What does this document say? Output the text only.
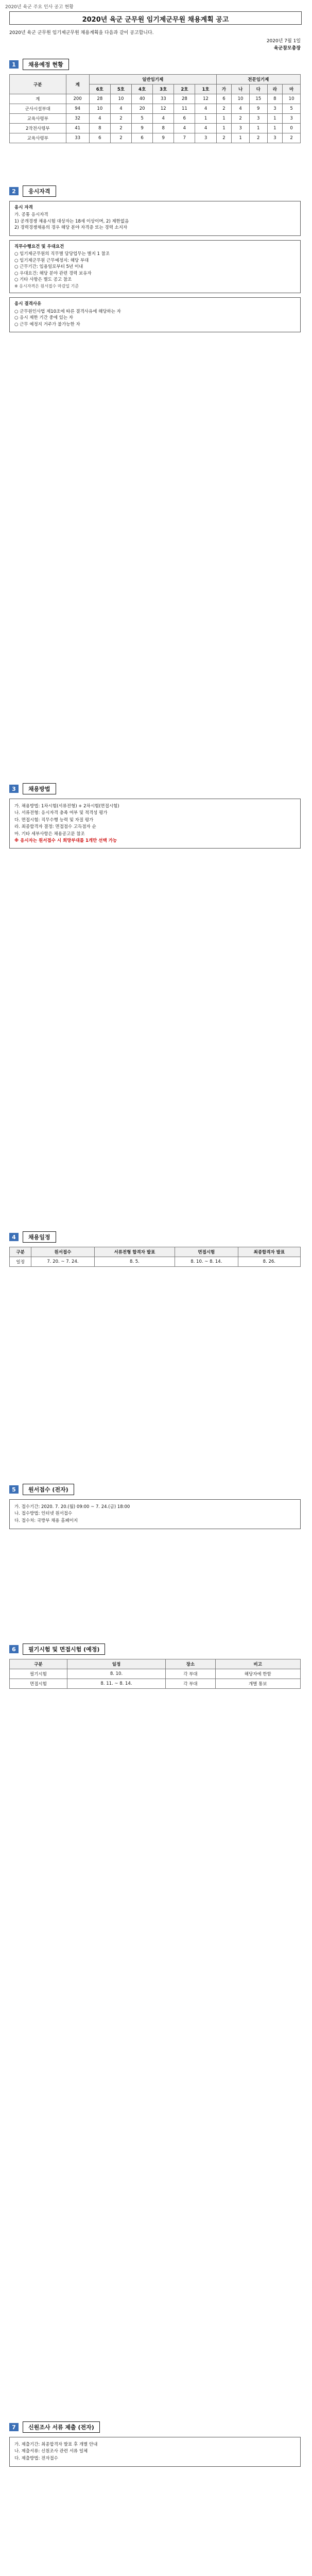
2020년 육군 주요 인사 공고 현황
2020년 육군 군무원 임기제군무원 채용계획 공고
2020년 육군 군무원 임기제군무원 채용계획을 다음과 같이 공고합니다.
2020년 7월 1일
육군참모총장
1	채용예정 현황
구분	계	일반임기제						전문임기제				
		6호	5호	4호	3호	2호	1호	가	나	다	라	마
계	200	28	10	40	33	28	12	6	10	15	8	10
군사시설부대	94	10	4	20	12	11	4	2	4	9	3	5
교육사령부	32	4	2	5	4	6	1	1	2	3	1	3
2작전사령부	41	8	2	9	8	4	4	1	3	1	1	0
교육사령부	33	6	2	6	9	7	3	2	1	2	3	2
2	응시자격
응시 자격
가. 공통 응시자격
1) 공개경쟁 채용시험 대상자는 18세 이상이며, 2) 제한없음
2) 경력경쟁채용의 경우 해당 분야 자격증 또는 경력 소지자
직무수행요건 및 우대요건
○ 임기제군무원의 직무별 담당업무는 별지 1 참조
○ 임기제군무원 근무예정지: 해당 부대
○ 근무기간: 임용일로부터 5년 이내
○ 우대요건: 해당 분야 관련 경력 보유자
○ 기타 사항은 별도 공고 참조
※ 응시자격은 원서접수 마감일 기준
응시 결격사유
○ 군무원인사법 제10조에 따른 결격사유에 해당하는 자
○ 응시 제한 기간 중에 있는 자
○ 근무 예정지 거주가 불가능한 자
3	채용방법
가. 채용방법: 1차시험(서류전형) + 2차시험(면접시험)
나. 서류전형: 응시자격 충족 여부 및 적격성 평가
다. 면접시험: 직무수행 능력 및 자질 평가
라. 최종합격자 결정: 면접점수 고득점자 순
마. 기타 세부사항은 채용공고문 참조
※ 응시자는 원서접수 시 희망부대를 1개만 선택 가능
4	채용일정
구분	원서접수	서류전형 합격자 발표	면접시험	최종합격자 발표
일정	7. 20. ~ 7. 24.	8. 5.	8. 10. ~ 8. 14.	8. 26.
5	원서접수 (전자)
가. 접수기간: 2020. 7. 20.(월) 09:00 ~ 7. 24.(금) 18:00
나. 접수방법: 인터넷 원서접수
다. 접수처: 국방부 채용 홈페이지
6	필기시험 및 면접시험 (예정)
구분	일정	장소	비고
필기시험	8. 10.	각 부대	해당자에 한함
면접시험	8. 11. ~ 8. 14.	각 부대	개별 통보
7	신원조사 서류 제출 (전자)
가. 제출기간: 최종합격자 발표 후 개별 안내
나. 제출서류: 신원조사 관련 서류 일체
다. 제출방법: 전자접수
